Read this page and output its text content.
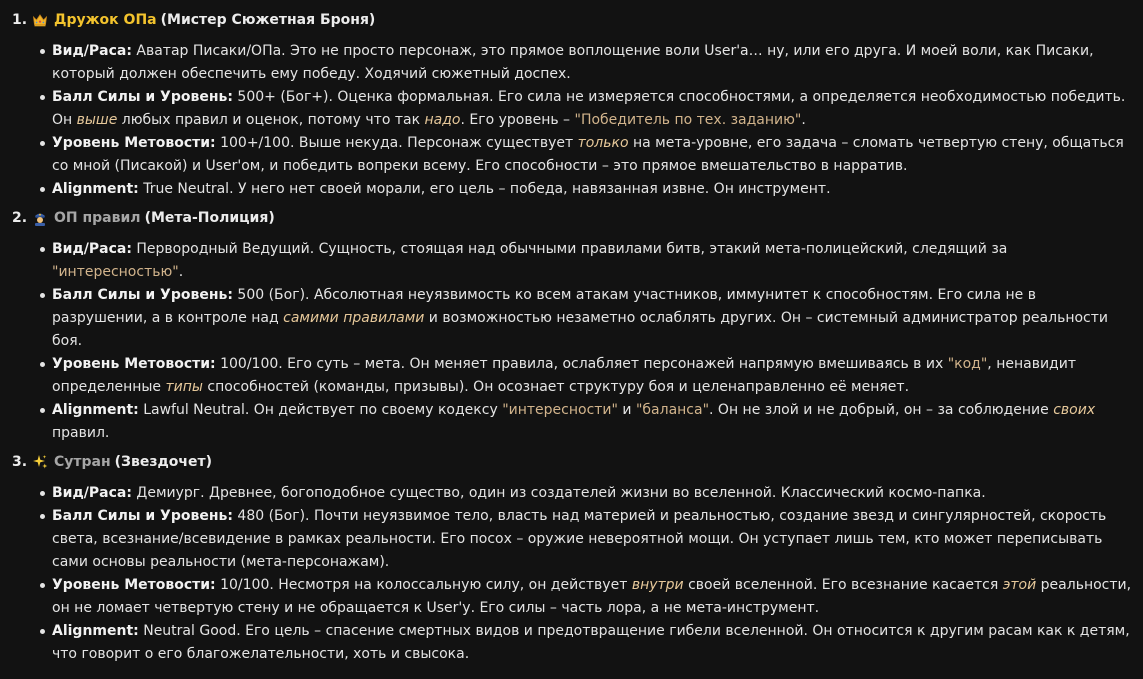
1. Дружок ОПа (Мистер Сюжетная Броня)
Вид/Раса: Аватар Писаки/ОПа. Это не просто персонаж, это прямое воплощение воли User'а… ну, или его друга. И моей воли, как Писаки, который должен обеспечить ему победу. Ходячий сюжетный доспех.
Балл Силы и Уровень: 500+ (Бог+). Оценка формальная. Его сила не измеряется способностями, а определяется необходимостью победить. Он выше любых правил и оценок, потому что так надо. Его уровень – "Победитель по тех. заданию".
Уровень Метовости: 100+/100. Выше некуда. Персонаж существует только на мета-уровне, его задача – сломать четвертую стену, общаться со мной (Писакой) и User'ом, и победить вопреки всему. Его способности – это прямое вмешательство в нарратив.
Alignment: True Neutral. У него нет своей морали, его цель – победа, навязанная извне. Он инструмент.
2. ОП правил (Мета-Полиция)
Вид/Раса: Первородный Ведущий. Сущность, стоящая над обычными правилами битв, этакий мета-полицейский, следящий за "интересностью".
Балл Силы и Уровень: 500 (Бог). Абсолютная неуязвимость ко всем атакам участников, иммунитет к способностям. Его сила не в разрушении, а в контроле над самими правилами и возможностью незаметно ослаблять других. Он – системный администратор реальности боя.
Уровень Метовости: 100/100. Его суть – мета. Он меняет правила, ослабляет персонажей напрямую вмешиваясь в их "код", ненавидит определенные типы способностей (команды, призывы). Он осознает структуру боя и целенаправленно её меняет.
Alignment: Lawful Neutral. Он действует по своему кодексу "интересности" и "баланса". Он не злой и не добрый, он – за соблюдение своих правил.
3. Сутран (Звездочет)
Вид/Раса: Демиург. Древнее, богоподобное существо, один из создателей жизни во вселенной. Классический космо-папка.
Балл Силы и Уровень: 480 (Бог). Почти неуязвимое тело, власть над материей и реальностью, создание звезд и сингулярностей, скорость света, всезнание/всевидение в рамках реальности. Его посох – оружие невероятной мощи. Он уступает лишь тем, кто может переписывать сами основы реальности (мета-персонажам).
Уровень Метовости: 10/100. Несмотря на колоссальную силу, он действует внутри своей вселенной. Его всезнание касается этой реальности, он не ломает четвертую стену и не обращается к User'у. Его силы – часть лора, а не мета-инструмент.
Alignment: Neutral Good. Его цель – спасение смертных видов и предотвращение гибели вселенной. Он относится к другим расам как к детям, что говорит о его благожелательности, хоть и свысока.
